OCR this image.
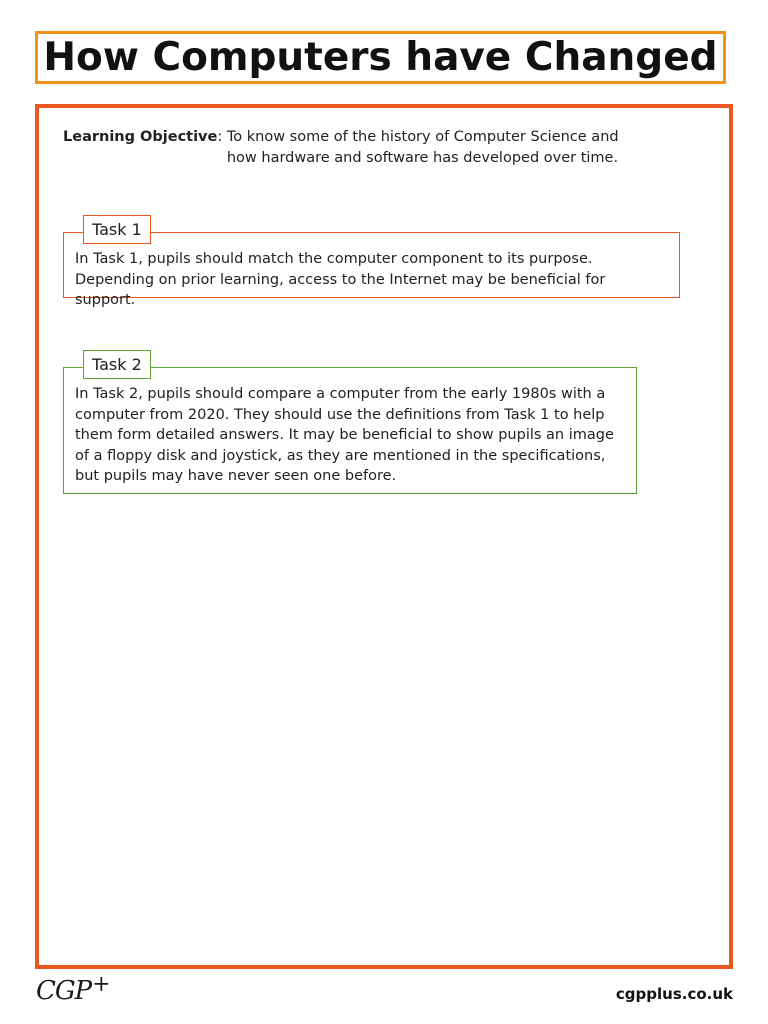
How Computers have Changed
Learning Objective : To know some of the history of Computer Science and how hardware and software has developed over time.
Task 1
In Task 1, pupils should match the computer component to its purpose. Depending on prior learning, access to the Internet may be beneficial for support.
Task 2
In Task 2, pupils should compare a computer from the early 1980s with a computer from 2020. They should use the definitions from Task 1 to help them form detailed answers. It may be beneficial to show pupils an image of a floppy disk and joystick, as they are mentioned in the specifications, but pupils may have never seen one before.
CGP+	cgpplus.co.uk
